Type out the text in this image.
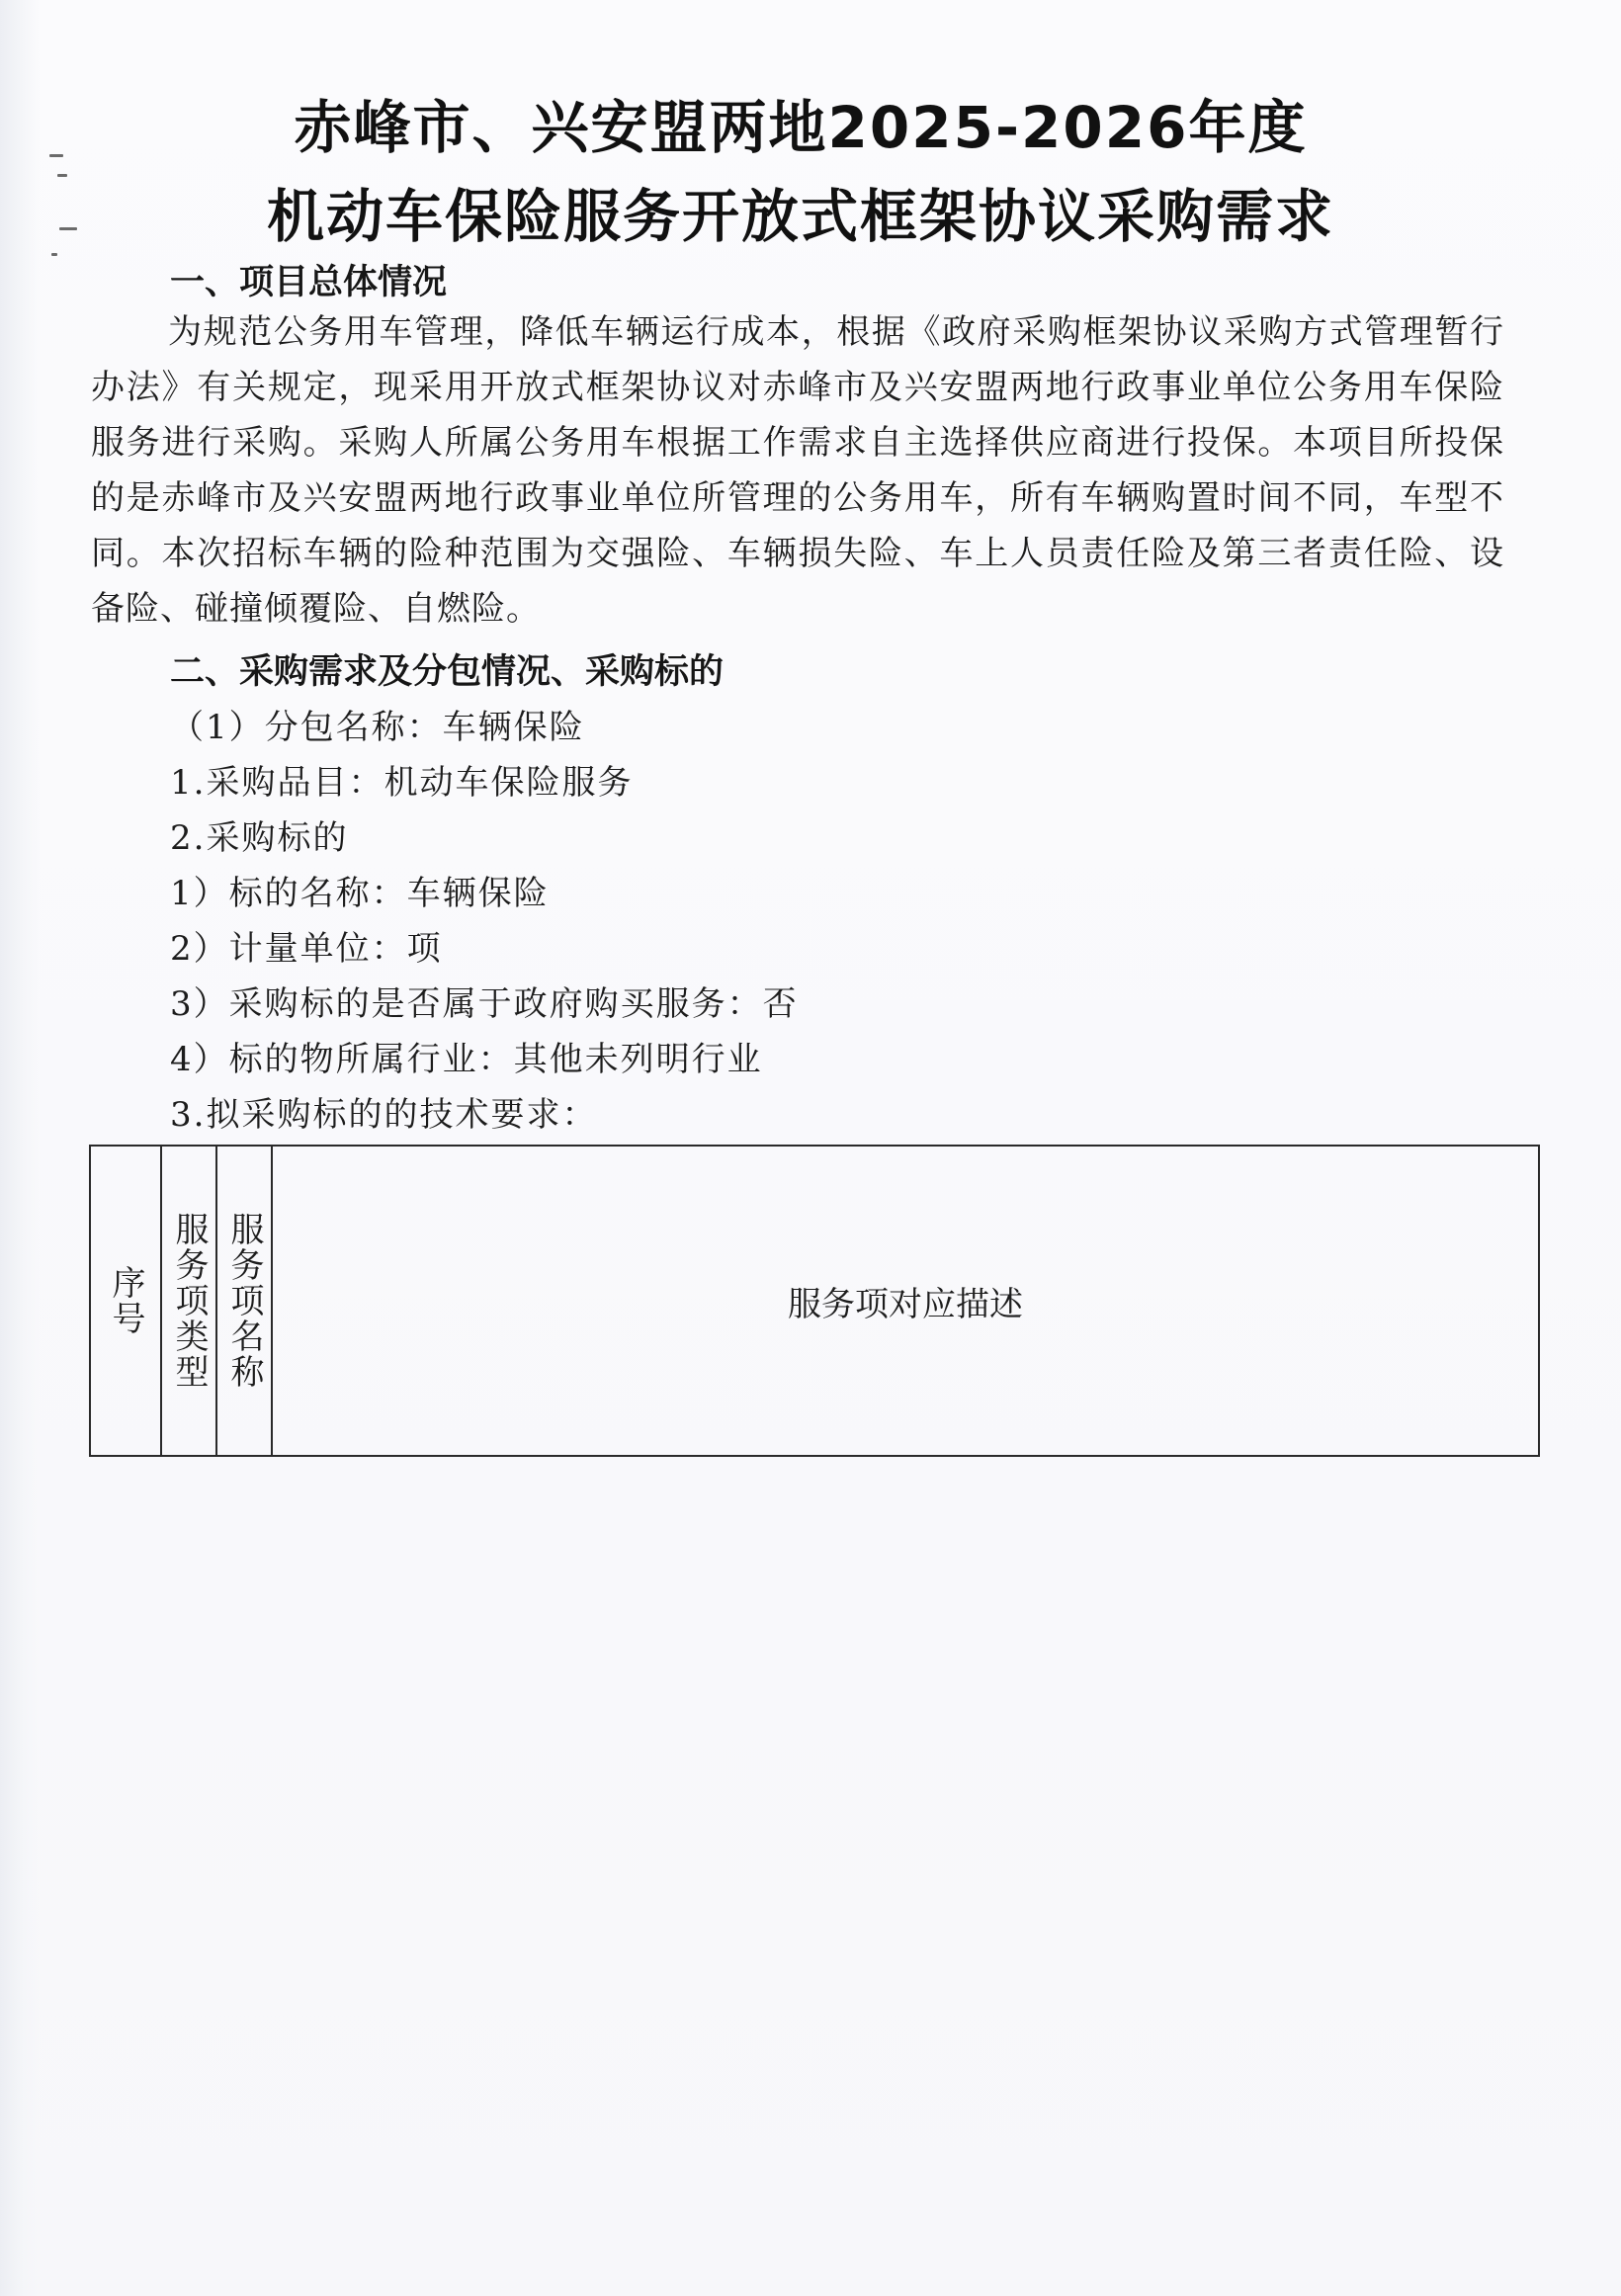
赤峰市、兴安盟两地2025-2026年度
机动车保险服务开放式框架协议采购需求
一、项目总体情况
为规范公务用车管理，降低车辆运行成本，根据《政府采购框架协议采购方式管理暂行办法》有关规定，现采用开放式框架协议对赤峰市及兴安盟两地行政事业单位公务用车保险服务进行采购。采购人所属公务用车根据工作需求自主选择供应商进行投保。本项目所投保的是赤峰市及兴安盟两地行政事业单位所管理的公务用车，所有车辆购置时间不同，车型不同。本次招标车辆的险种范围为交强险、车辆损失险、车上人员责任险及第三者责任险、设备险、碰撞倾覆险、自燃险。
二、采购需求及分包情况、采购标的
（1）分包名称：车辆保险
1.采购品目：机动车保险服务
2.采购标的
1）标的名称：车辆保险
2）计量单位：项
3）采购标的是否属于政府购买服务：否
4）标的物所属行业：其他未列明行业
3.拟采购标的的技术要求：
序号	服务项类型	服务项名称	服务项对应描述
